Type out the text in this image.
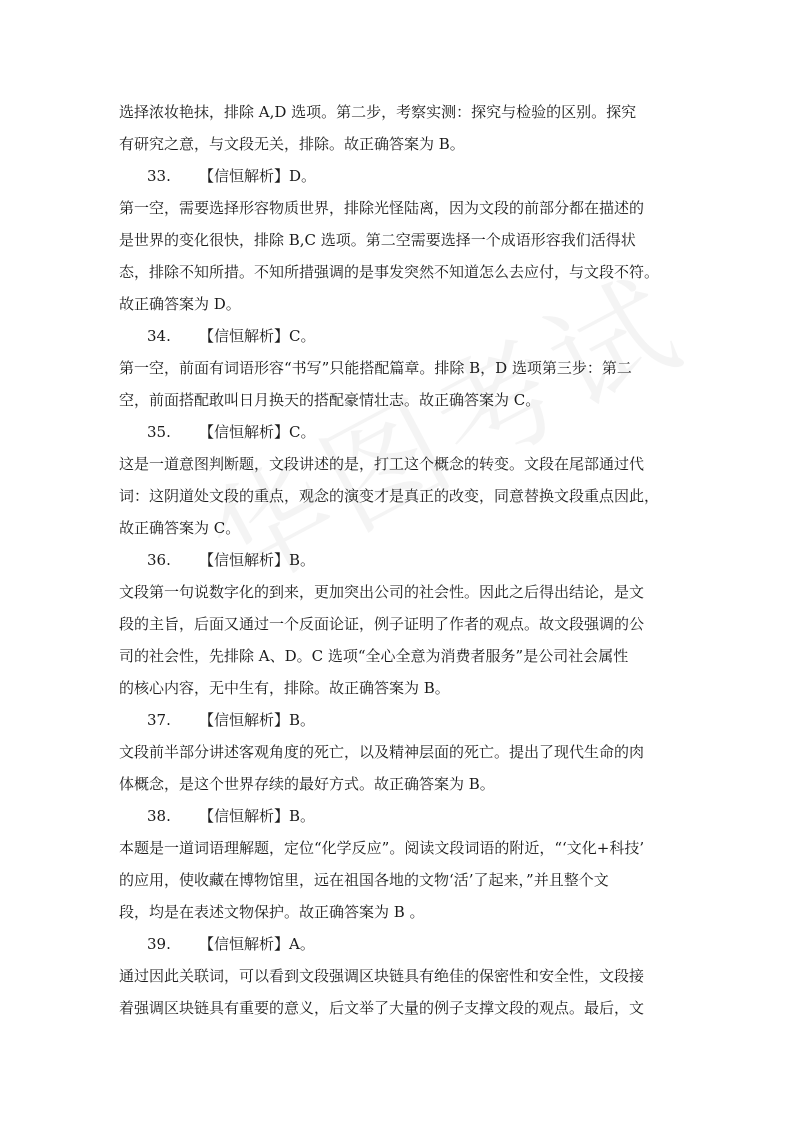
选择浓妆艳抹，排除 A,D 选项。第二步，考察实测：探究与检验的区别。探究
有研究之意，与文段无关，排除。故正确答案为 B。
33. 【信恒解析】D。
第一空，需要选择形容物质世界，排除光怪陆离，因为文段的前部分都在描述的
是世界的变化很快，排除 B,C 选项。第二空需要选择一个成语形容我们活得状
态，排除不知所措。不知所措强调的是事发突然不知道怎么去应付，与文段不符。
故正确答案为 D。
34. 【信恒解析】C。
第一空，前面有词语形容“书写”只能搭配篇章。排除 B，D 选项第三步：第二
空，前面搭配敢叫日月换天的搭配豪情壮志。故正确答案为 C。
35. 【信恒解析】C。
这是一道意图判断题，文段讲述的是，打工这个概念的转变。文段在尾部通过代
词：这阴道处文段的重点，观念的演变才是真正的改变，同意替换文段重点因此，
故正确答案为 C。
36. 【信恒解析】B。
文段第一句说数字化的到来，更加突出公司的社会性。因此之后得出结论，是文
段的主旨，后面又通过一个反面论证，例子证明了作者的观点。故文段强调的公
司的社会性，先排除 A、D。C 选项“全心全意为消费者服务”是公司社会属性
的核心内容，无中生有，排除。故正确答案为 B。
37. 【信恒解析】B。
文段前半部分讲述客观角度的死亡，以及精神层面的死亡。提出了现代生命的肉
体概念，是这个世界存续的最好方式。故正确答案为 B。
38. 【信恒解析】B。
本题是一道词语理解题，定位“化学反应”。阅读文段词语的附近，“‘文化+科技’
的应用，使收藏在博物馆里，远在祖国各地的文物‘活’了起来，”并且整个文
段，均是在表述文物保护。故正确答案为 B 。
39. 【信恒解析】A。
通过因此关联词，可以看到文段强调区块链具有绝佳的保密性和安全性，文段接
着强调区块链具有重要的意义，后文举了大量的例子支撑文段的观点。最后，文
